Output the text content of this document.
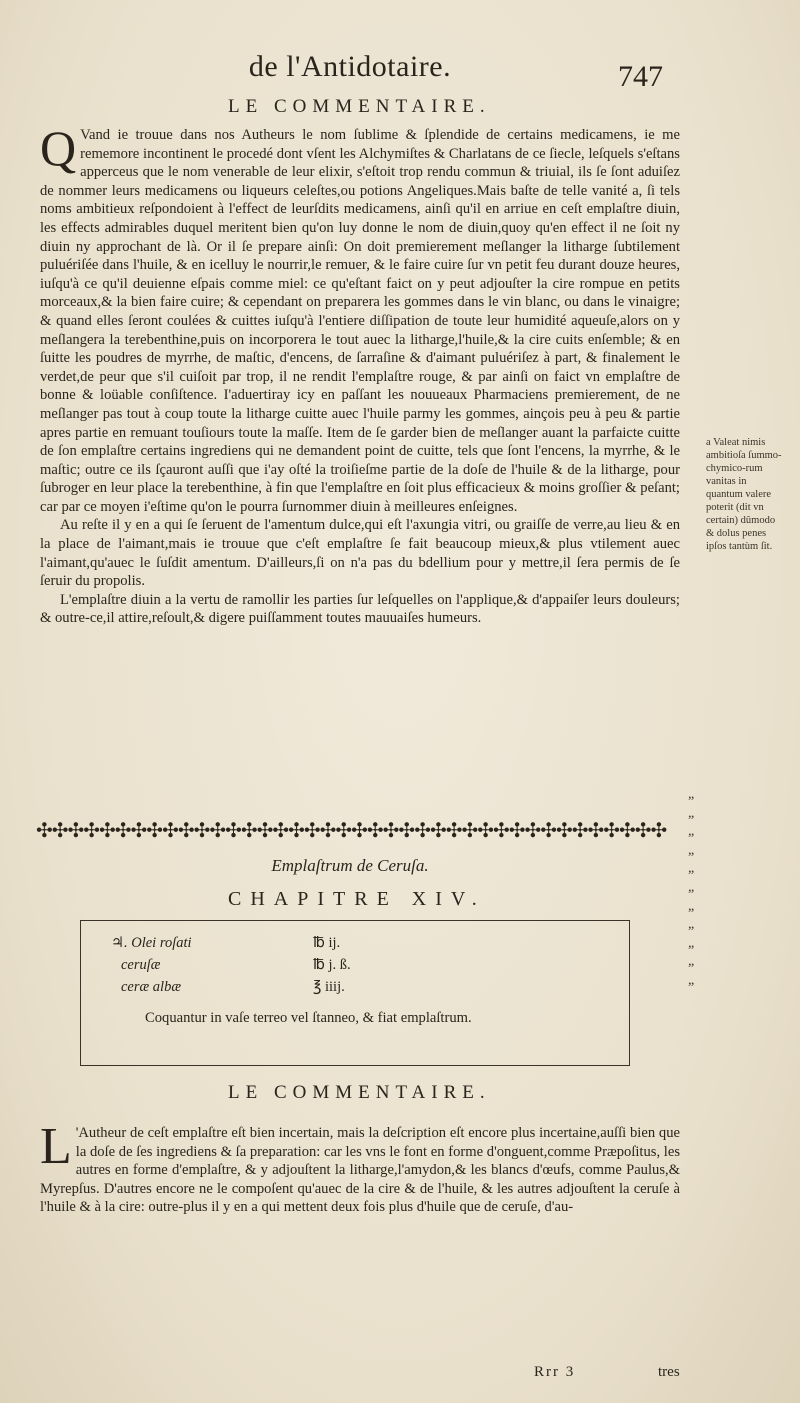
de l'Antidotaire.	747
LE COMMENTAIRE.
Q Vand ie trouue dans nos Autheurs le nom ſublime & ſplendide de certains medicamens, ie me rememore incontinent le procedé dont vſent les Alchymiſtes & Charlatans de ce ſiecle, leſquels s'eſtans apperceus que le nom venerable de leur elixir, s'eſtoit trop rendu commun & triuial, ils ſe ſont aduiſez de nommer leurs medicamens ou liqueurs celeſtes,ou potions Angeliques.Mais baſte de telle vanité a, ſi tels noms ambitieux reſpondoient à l'effect de leurſdits medicamens, ainſi qu'il en arriue en ceſt emplaſtre diuin, les effects admirables duquel meritent bien qu'on luy donne le nom de diuin,quoy qu'en effect il ne ſoit ny diuin ny approchant de là. Or il ſe prepare ainſi: On doit premierement meſlanger la litharge ſubtilement puluériſée dans l'huile, & en icelluy le nourrir,le remuer, & le faire cuire ſur vn petit feu durant douze heures, iuſqu'à ce qu'il deuienne eſpais comme miel: ce qu'eſtant faict on y peut adjouſter la cire rompue en petits morceaux,& la bien faire cuire; & cependant on preparera les gommes dans le vin blanc, ou dans le vinaigre; & quand elles ſeront coulées & cuittes iuſqu'à l'entiere diſſipation de toute leur humidité aqueuſe,alors on y meſlangera la terebenthine,puis on incorporera le tout auec la litharge,l'huile,& la cire cuits enſemble; & en ſuitte les poudres de myrrhe, de maſtic, d'encens, de ſarraſine & d'aimant puluériſez à part, & finalement le verdet,de peur que s'il cuiſoit par trop, il ne rendit l'emplaſtre rouge, & par ainſi on faict vn emplaſtre de bonne & loüable conſiſtence. I'aduertiray icy en paſſant les nouueaux Pharmaciens premierement, de ne meſlanger pas tout à coup toute la litharge cuitte auec l'huile parmy les gommes, ainçois peu à peu & partie apres partie en remuant touſiours toute la maſſe. Item de ſe garder bien de meſlanger auant la parfaicte cuitte de ſon emplaſtre certains ingrediens qui ne demandent point de cuitte, tels que ſont l'encens, la myrrhe, & le maſtic; outre ce ils ſçauront auſſi que i'ay oſté la troiſieſme partie de la doſe de l'huile & de la litharge, pour ſubroger en leur place la terebenthine, à fin que l'emplaſtre en ſoit plus efficacieux & moins groſſier & peſant; car par ce moyen i'eſtime qu'on le pourra ſurnommer diuin à meilleures enſeignes.

Au reſte il y en a qui ſe ſeruent de l'amentum dulce,qui eſt l'axungia vitri, ou graiſſe de verre,au lieu & en la place de l'aimant,mais ie trouue que c'eſt emplaſtre ſe fait beaucoup mieux,& plus vtilement auec l'aimant,qu'auec le ſuſdit amentum. D'ailleurs,ſi on n'a pas du bdellium pour y mettre,il ſera permis de ſe ſeruir du propolis.

L'emplaſtre diuin a la vertu de ramollir les parties ſur leſquelles on l'applique,& d'appaiſer leurs douleurs; & outre-ce,il attire,reſoult,& digere puiſſamment toutes mauuaiſes humeurs.

a Valeat nimis ambitioſa ſummo-chymico-rum vanitas in quantum valere poterit (dit vn certain) dûmodo & dolus penes ipſos tantùm ſit.
„
„
„
„
„
„
„
„
„
„
„
✣✣✣✣✣✣✣✣✣✣✣✣✣✣✣✣✣✣✣✣✣✣✣✣✣✣✣✣✣✣✣✣✣✣✣✣✣✣✣✣
Emplaſtrum de Ceruſa.
CHAPITRE XIV.
♃. Olei roſati	℔ ij.
ceruſæ	℔ j. ß.
ceræ albæ	℥ iiij.
Coquantur in vaſe terreo vel ſtanneo, & fiat emplaſtrum.
LE COMMENTAIRE.
L 'Autheur de ceſt emplaſtre eſt bien incertain, mais la deſcription eſt encore plus incertaine,auſſi bien que la doſe de ſes ingrediens & ſa preparation: car les vns le font en forme d'onguent,comme Præpoſitus, les autres en forme d'emplaſtre, & y adjouſtent la litharge,l'amydon,& les blancs d'œufs, comme Paulus,& Myrepſus. D'autres encore ne le compoſent qu'auec de la cire & de l'huile, & les autres adjouſtent la ceruſe à l'huile & à la cire: outre-plus il y en a qui mettent deux fois plus d'huile que de ceruſe, d'au-

Rrr 3	tres
